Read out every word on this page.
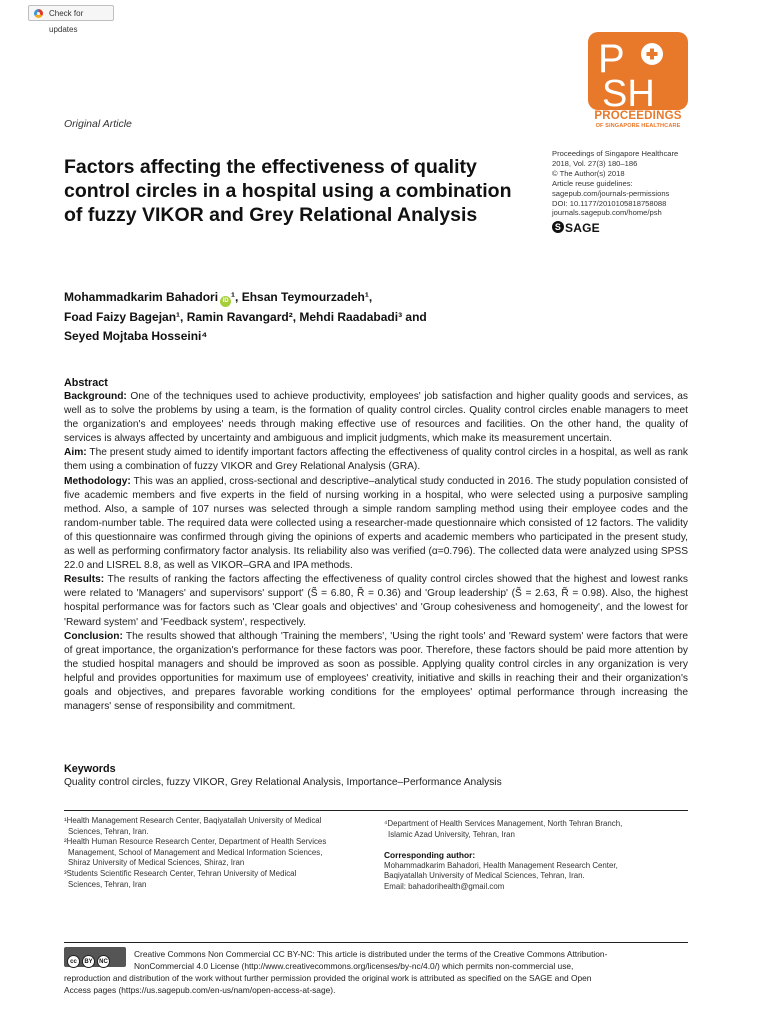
Check for updates
P
SH
PROCEEDINGS
OF SINGAPORE HEALTHCARE
Original Article
Factors affecting the effectiveness of quality control circles in a hospital using a combination of fuzzy VIKOR and Grey Relational Analysis
Proceedings of Singapore Healthcare
2018, Vol. 27(3) 180–186
© The Author(s) 2018
Article reuse guidelines:
sagepub.com/journals-permissions
DOI: 10.1177/2010105818758088
journals.sagepub.com/home/psh
S SAGE
Mohammadkarim Bahadori iD ¹, Ehsan Teymourzadeh¹,
Foad Faizy Bagejan¹, Ramin Ravangard², Mehdi Raadabadi³ and
Seyed Mojtaba Hosseini⁴
Abstract

Background: One of the techniques used to achieve productivity, employees' job satisfaction and higher quality goods and services, as well as to solve the problems by using a team, is the formation of quality control circles. Quality control circles enable managers to meet the organization's and employees' needs through making effective use of resources and facilities. On the other hand, the quality of services is always affected by uncertainty and ambiguous and implicit judgments, which make its measurement uncertain.

Aim: The present study aimed to identify important factors affecting the effectiveness of quality control circles in a hospital, as well as rank them using a combination of fuzzy VIKOR and Grey Relational Analysis (GRA).

Methodology: This was an applied, cross-sectional and descriptive–analytical study conducted in 2016. The study population consisted of five academic members and five experts in the field of nursing working in a hospital, who were selected using a purposive sampling method. Also, a sample of 107 nurses was selected through a simple random sampling method using their employee codes and the random-number table. The required data were collected using a researcher-made questionnaire which consisted of 12 factors. The validity of this questionnaire was confirmed through giving the opinions of experts and academic members who participated in the present study, as well as performing confirmatory factor analysis. Its reliability also was verified (α=0.796). The collected data were analyzed using SPSS 22.0 and LISREL 8.8, as well as VIKOR–GRA and IPA methods.

Results: The results of ranking the factors affecting the effectiveness of quality control circles showed that the highest and lowest ranks were related to 'Managers' and supervisors' support' (S̃ = 6.80, R̃ = 0.36) and 'Group leadership' (S̃ = 2.63, R̃ = 0.98). Also, the highest hospital performance was for factors such as 'Clear goals and objectives' and 'Group cohesiveness and homogeneity', and the lowest for 'Reward system' and 'Feedback system', respectively.

Conclusion: The results showed that although 'Training the members', 'Using the right tools' and 'Reward system' were factors that were of great importance, the organization's performance for these factors was poor. Therefore, these factors should be paid more attention by the studied hospital managers and should be improved as soon as possible. Applying quality control circles in any organization is very helpful and provides opportunities for maximum use of employees' creativity, initiative and skills in reaching their and their organization's goals and objectives, and prepares favorable working conditions for the employees' optimal performance through increasing the managers' sense of responsibility and commitment.

Keywords
Quality control circles, fuzzy VIKOR, Grey Relational Analysis, Importance–Performance Analysis

¹Health Management Research Center, Baqiyatallah University of Medical

Sciences, Tehran, Iran.

²Health Human Resource Research Center, Department of Health Services

Management, School of Management and Medical Information Sciences,

Shiraz University of Medical Sciences, Shiraz, Iran

³Students Scientific Research Center, Tehran University of Medical

Sciences, Tehran, Iran

⁴Department of Health Services Management, North Tehran Branch,

Islamic Azad University, Tehran, Iran

Corresponding author:

Mohammadkarim Bahadori, Health Management Research Center,

Baqiyatallah University of Medical Sciences, Tehran, Iran.

Email: bahadorihealth@gmail.com

cc BY NC
Creative Commons Non Commercial CC BY-NC: This article is distributed under the terms of the Creative Commons Attribution-
NonCommercial 4.0 License (http://www.creativecommons.org/licenses/by-nc/4.0/) which permits non-commercial use,
reproduction and distribution of the work without further permission provided the original work is attributed as specified on the SAGE and Open
Access pages (https://us.sagepub.com/en-us/nam/open-access-at-sage).
